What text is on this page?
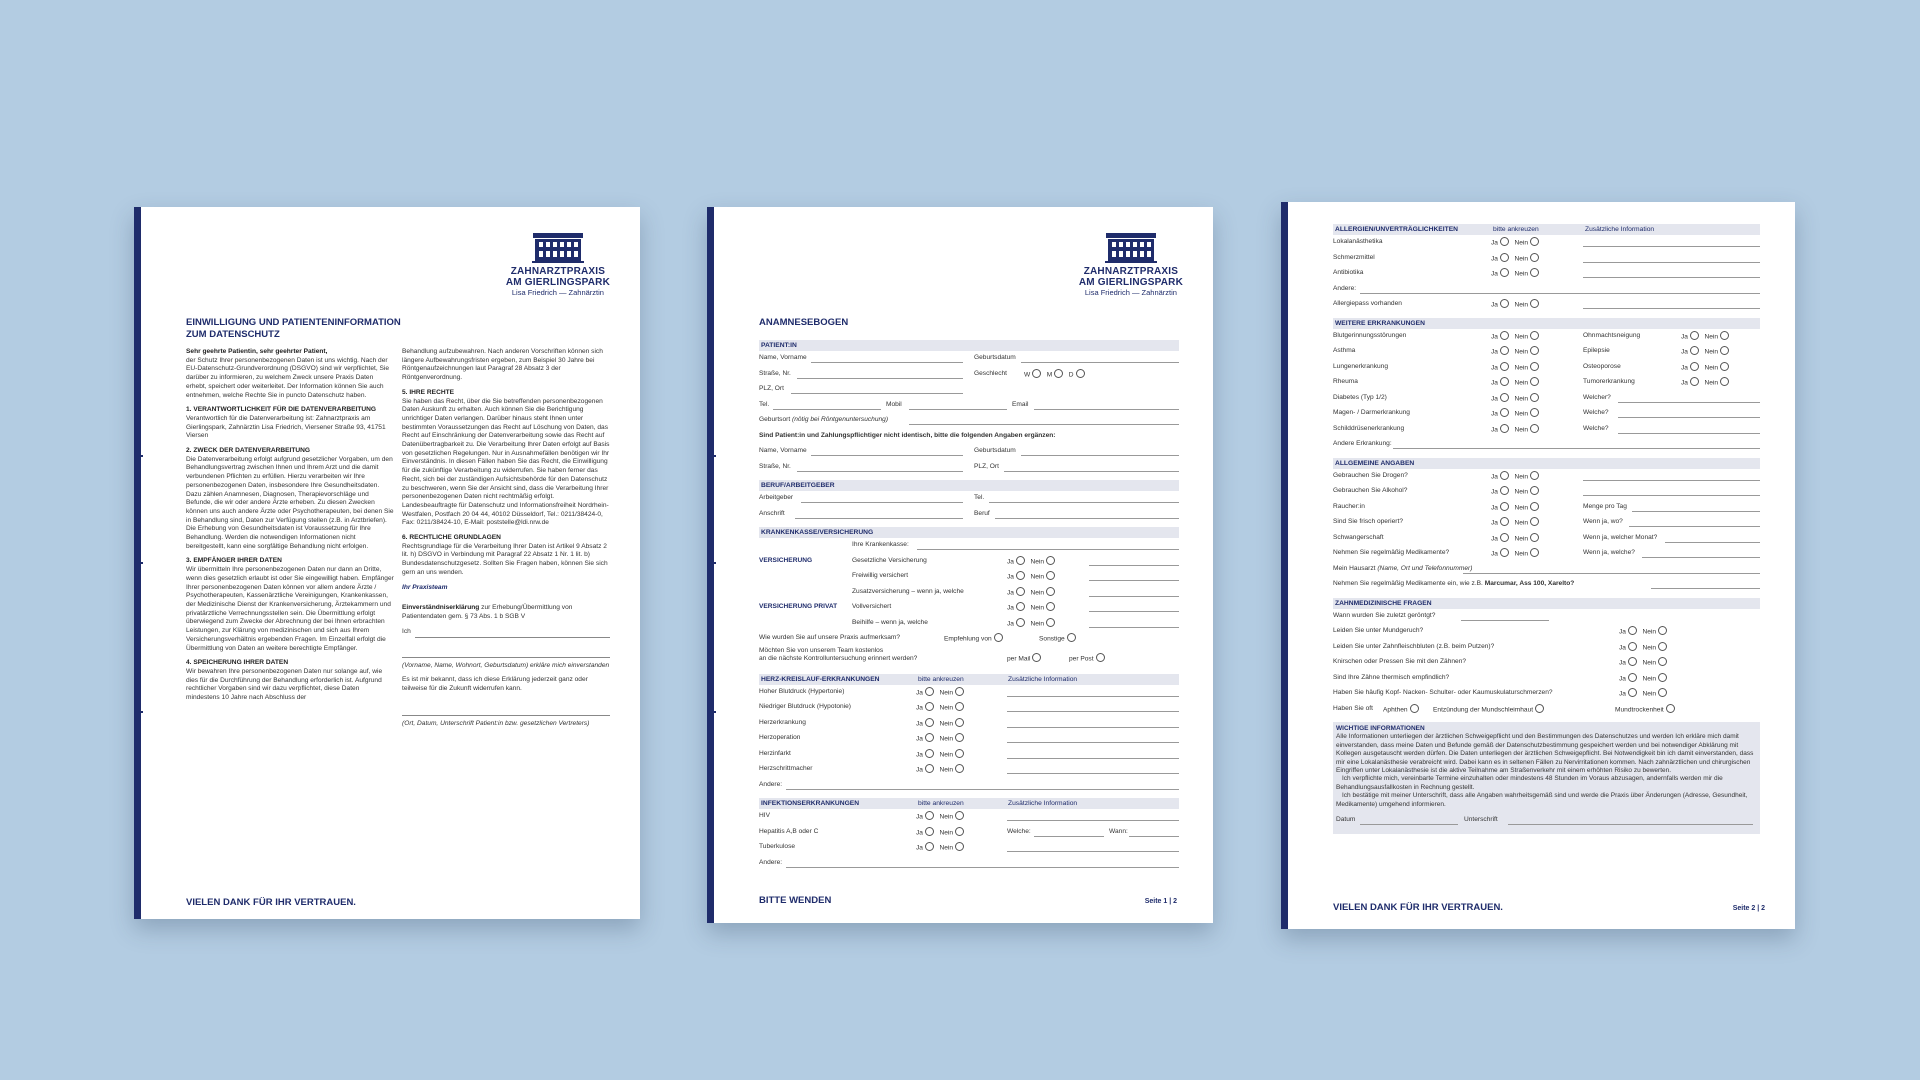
ZAHNARZTPRAXIS
AM GIERLINGSPARK
Lisa Friedrich — Zahnärztin
EINWILLIGUNG UND PATIENTENINFORMATION
ZUM DATENSCHUTZ

Sehr geehrte Patientin, sehr geehrter Patient,
der Schutz Ihrer personenbezogenen Daten ist uns wichtig. Nach der EU-Datenschutz-Grundverordnung (DSGVO) sind wir verpflichtet, Sie darüber zu informieren, zu welchem Zweck unsere Praxis Daten erhebt, speichert oder weiterleitet. Der Information können Sie auch entnehmen, welche Rechte Sie in puncto Datenschutz haben.

1. VERANTWORTLICHKEIT FÜR DIE DATENVERARBEITUNG
Verantwortlich für die Datenverarbeitung ist: Zahnarztpraxis am Gierlingspark, Zahnärztin Lisa Friedrich, Viersener Straße 93, 41751 Viersen

2. ZWECK DER DATENVERARBEITUNG
Die Datenverarbeitung erfolgt aufgrund gesetzlicher Vorgaben, um den Behandlungsvertrag zwischen Ihnen und Ihrem Arzt und die damit verbundenen Pflichten zu erfüllen. Hierzu verarbeiten wir Ihre personenbezogenen Daten, insbesondere Ihre Gesundheitsdaten. Dazu zählen Anamnesen, Diagnosen, Therapievorschläge und Befunde, die wir oder andere Ärzte erheben. Zu diesen Zwecken können uns auch andere Ärzte oder Psychotherapeuten, bei denen Sie in Behandlung sind, Daten zur Verfügung stellen (z.B. in Arztbriefen). Die Erhebung von Gesundheitsdaten ist Voraussetzung für Ihre Behandlung. Werden die notwendigen Informationen nicht bereitgestellt, kann eine sorgfältige Behandlung nicht erfolgen.

3. EMPFÄNGER IHRER DATEN
Wir übermitteln Ihre personenbezogenen Daten nur dann an Dritte, wenn dies gesetzlich erlaubt ist oder Sie eingewilligt haben. Empfänger Ihrer personenbezogenen Daten können vor allem andere Ärzte / Psychotherapeuten, Kassenärztliche Vereinigungen, Krankenkassen, der Medizinische Dienst der Krankenversicherung, Ärztekammern und privatärztliche Verrechnungsstellen sein. Die Übermittlung erfolgt überwiegend zum Zwecke der Abrechnung der bei Ihnen erbrachten Leistungen, zur Klärung von medizinischen und sich aus Ihrem Versicherungsverhältnis ergebenden Fragen. Im Einzelfall erfolgt die Übermittlung von Daten an weitere berechtigte Empfänger.

4. SPEICHERUNG IHRER DATEN
Wir bewahren Ihre personenbezogenen Daten nur solange auf, wie dies für die Durchführung der Behandlung erforderlich ist. Aufgrund rechtlicher Vorgaben sind wir dazu verpflichtet, diese Daten mindestens 10 Jahre nach Abschluss der

Behandlung aufzubewahren. Nach anderen Vorschriften können sich längere Aufbewahrungsfristen ergeben, zum Beispiel 30 Jahre bei Röntgenaufzeichnungen laut Paragraf 28 Absatz 3 der Röntgenverordnung.

5. IHRE RECHTE
Sie haben das Recht, über die Sie betreffenden personenbezogenen Daten Auskunft zu erhalten. Auch können Sie die Berichtigung unrichtiger Daten verlangen. Darüber hinaus steht Ihnen unter bestimmten Voraussetzungen das Recht auf Löschung von Daten, das Recht auf Einschränkung der Datenverarbeitung sowie das Recht auf Datenübertragbarkeit zu. Die Verarbeitung Ihrer Daten erfolgt auf Basis von gesetzlichen Regelungen. Nur in Ausnahmefällen benötigen wir Ihr Einverständnis. In diesen Fällen haben Sie das Recht, die Einwilligung für die zukünftige Verarbeitung zu widerrufen. Sie haben ferner das Recht, sich bei der zuständigen Aufsichtsbehörde für den Datenschutz zu beschweren, wenn Sie der Ansicht sind, dass die Verarbeitung Ihrer personenbezogenen Daten nicht rechtmäßig erfolgt. Landesbeauftragte für Datenschutz und Informationsfreiheit Nordrhein-Westfalen, Postfach 20 04 44, 40102 Düsseldorf, Tel.: 0211/38424-0, Fax: 0211/38424-10, E-Mail: poststelle@ldi.nrw.de

6. RECHTLICHE GRUNDLAGEN
Rechtsgrundlage für die Verarbeitung Ihrer Daten ist Artikel 9 Absatz 2 lit. h) DSGVO in Verbindung mit Paragraf 22 Absatz 1 Nr. 1 lit. b) Bundesdatenschutzgesetz. Sollten Sie Fragen haben, können Sie sich gern an uns wenden.

Ihr Praxisteam

Einverständniserklärung zur Erhebung/Übermittlung von Patientendaten gem. § 73 Abs. 1 b SGB V

Ich

(Vorname, Name, Wohnort, Geburtsdatum) erkläre mich einverstanden

Es ist mir bekannt, dass ich diese Erklärung jederzeit ganz oder teilweise für die Zukunft widerrufen kann.

(Ort, Datum, Unterschrift Patient:in bzw. gesetzlichen Vertreters)

VIELEN DANK FÜR IHR VERTRAUEN.
ZAHNARZTPRAXIS
AM GIERLINGSPARK
Lisa Friedrich — Zahnärztin
ANAMNESEBOGEN
PATIENT:IN
Name, Vorname	Geburtsdatum
Straße, Nr.	Geschlecht	W	M	D
PLZ, Ort
Tel.	Mobil	Email
Geburtsort (nötig bei Röntgenuntersuchung)
Sind Patient:in und Zahlungspflichtiger nicht identisch, bitte die folgenden Angaben ergänzen:
Name, Vorname	Geburtsdatum
Straße, Nr.	PLZ, Ort
BERUF/ARBEITGEBER
Arbeitgeber	Tel.
Anschrift	Beruf
KRANKENKASSE/VERSICHERUNG
Ihre Krankenkasse:
VERSICHERUNG	Gesetzliche Versicherung	Ja	Nein
Freiwillig versichert	Ja	Nein
Zusatzversicherung – wenn ja, welche	Ja	Nein
VERSICHERUNG PRIVAT Vollversichert	Ja	Nein
Beihilfe – wenn ja, welche	Ja	Nein
Wie wurden Sie auf unsere Praxis aufmerksam?	Empfehlung von	Sonstige
Möchten Sie von unserem Team kostenlos
an die nächste Kontrolluntersuchung erinnert werden?	per Mail	per Post
HERZ-KREISLAUF-ERKRANKUNGEN	bitte ankreuzen	Zusätzliche Information
Hoher Blutdruck (Hypertonie)	Ja	Nein
Niedriger Blutdruck (Hypotonie)	Ja	Nein
Herzerkrankung	Ja	Nein
Herzoperation	Ja	Nein
Herzinfarkt	Ja	Nein
Herzschrittmacher	Ja	Nein
Andere:
INFEKTIONSERKRANKUNGEN	bitte ankreuzen	Zusätzliche Information
HIV	Ja	Nein
Hepatitis A,B oder C	Ja	Nein	Welche:	Wann:
Tuberkulose	Ja	Nein
Andere:
BITTE WENDEN	Seite 1 | 2
ALLERGIEN/UNVERTRÄGLICHKEITEN	bitte ankreuzen	Zusätzliche Information
Lokalanästhetika	Ja	Nein
Schmerzmittel	Ja	Nein
Antibiotika	Ja	Nein
Andere:
Allergiepass vorhanden	Ja	Nein
WEITERE ERKRANKUNGEN
Blutgerinnungsstörungen	Ja	Nein	Ohnmachtsneigung	Ja	Nein
Asthma	Ja	Nein	Epilepsie	Ja	Nein
Lungenerkrankung	Ja	Nein	Osteoporose	Ja	Nein
Rheuma	Ja	Nein	Tumorerkrankung	Ja	Nein
Diabetes (Typ 1/2)	Ja	Nein	Welcher?
Magen- / Darmerkrankung	Ja	Nein	Welche?
Schilddrüsenerkrankung	Ja	Nein	Welche?
Andere Erkrankung:
ALLGEMEINE ANGABEN
Gebrauchen Sie Drogen?	Ja	Nein
Gebrauchen Sie Alkohol?	Ja	Nein
Raucher:in	Ja	Nein	Menge pro Tag
Sind Sie frisch operiert?	Ja	Nein	Wenn ja, wo?
Schwangerschaft	Ja	Nein	Wenn ja, welcher Monat?
Nehmen Sie regelmäßig Medikamente?	Ja	Nein	Wenn ja, welche?
Mein Hausarzt (Name, Ort und Telefonnummer)
Nehmen Sie regelmäßig Medikamente ein, wie z.B. Marcumar, Ass 100, Xarelto?
ZAHNMEDIZINISCHE FRAGEN
Wann wurden Sie zuletzt geröntgt?
Leiden Sie unter Mundgeruch?	Ja	Nein
Leiden Sie unter Zahnfleischbluten (z.B. beim Putzen)?	Ja	Nein
Knirschen oder Pressen Sie mit den Zähnen?	Ja	Nein
Sind Ihre Zähne thermisch empfindlich?	Ja	Nein
Haben Sie häufig Kopf- Nacken- Schulter- oder Kaumuskulaturschmerzen?	Ja	Nein
Haben Sie oft Aphthen	Entzündung der Mundschleimhaut	Mundtrockenheit
WICHTIGE INFORMATIONEN
Alle Informationen unterliegen der ärztlichen Schweigepflicht und den Bestimmungen des Datenschutzes und werden Ich erkläre mich damit einverstanden, dass meine Daten und Befunde gemäß der Datenschutzbestimmung gespeichert werden und bei notwendiger Abklärung mit Kollegen ausgetauscht werden dürfen. Die Daten unterliegen der ärztlichen Schweigepflicht. Bei Notwendigkeit bin ich damit einverstanden, dass mir eine Lokalanästhesie verabreicht wird. Dabei kann es in seltenen Fällen zu Nervirritationen kommen. Nach zahnärztlichen und chirurgischen Eingriffen unter Lokalanästhesie ist die aktive Teilnahme am Straßenverkehr mit einem erhöhten Risiko zu bewerten.
Ich verpflichte mich, vereinbarte Termine einzuhalten oder mindestens 48 Stunden im Voraus abzusagen, andernfalls werden mir die Behandlungsausfallkosten in Rechnung gestellt.
Ich bestätige mit meiner Unterschrift, dass alle Angaben wahrheitsgemäß sind und werde die Praxis über Änderungen (Adresse, Gesundheit, Medikamente) umgehend informieren.
Datum	Unterschrift
VIELEN DANK FÜR IHR VERTRAUEN.	Seite 2 | 2
